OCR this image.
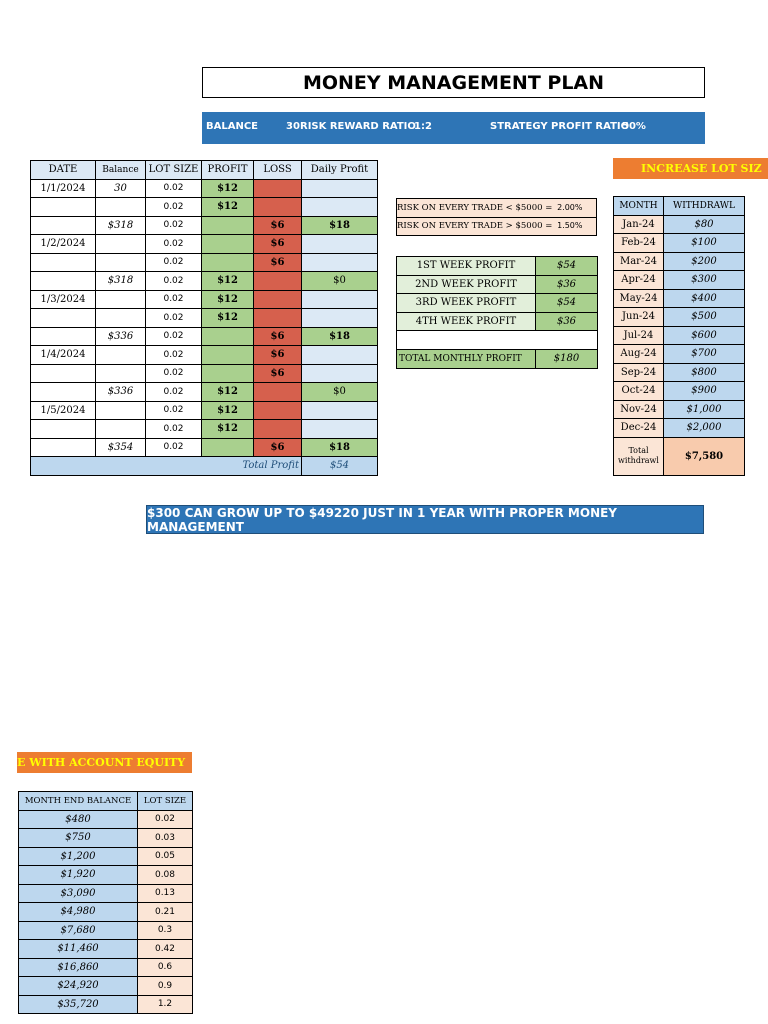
MONEY MANAGEMENT PLAN
BALANCE	30 RISK REWARD RATIO
1:2	STRATEGY PROFIT RATIO
50%
DATE	Balance	LOT SIZE	PROFIT	LOSS	Daily Profit
1/1/2024	30	0.02	$12		
		0.02	$12		
	$318	0.02		$6	$18
1/2/2024		0.02		$6	
		0.02		$6	
	$318	0.02	$12		$0
1/3/2024		0.02	$12		
		0.02	$12		
	$336	0.02		$6	$18
1/4/2024		0.02		$6	
		0.02		$6	
	$336	0.02	$12		$0
1/5/2024		0.02	$12		
		0.02	$12		
	$354	0.02		$6	$18
Total Profit					$54
RISK ON EVERY TRADE < $5000 = 2.00%
RISK ON EVERY TRADE > $5000 = 1.50%
1ST WEEK PROFIT	$54
2ND WEEK PROFIT	$36
3RD WEEK PROFIT	$54
4TH WEEK PROFIT	$36

TOTAL MONTHLY PROFIT	$180
INCREASE LOT SIZ
MONTH	WITHDRAWL
Jan-24	$80
Feb-24	$100
Mar-24	$200
Apr-24	$300
May-24	$400
Jun-24	$500
Jul-24	$600
Aug-24	$700
Sep-24	$800
Oct-24	$900
Nov-24	$1,000
Dec-24	$2,000
Total withdrawl	$7,580
$300 CAN GROW UP TO $49220 JUST IN 1 YEAR WITH PROPER MONEY MANAGEMENT
E WITH ACCOUNT EQUITY
MONTH END BALANCE	LOT SIZE
$480	0.02
$750	0.03
$1,200	0.05
$1,920	0.08
$3,090	0.13
$4,980	0.21
$7,680	0.3
$11,460	0.42
$16,860	0.6
$24,920	0.9
$35,720	1.2
